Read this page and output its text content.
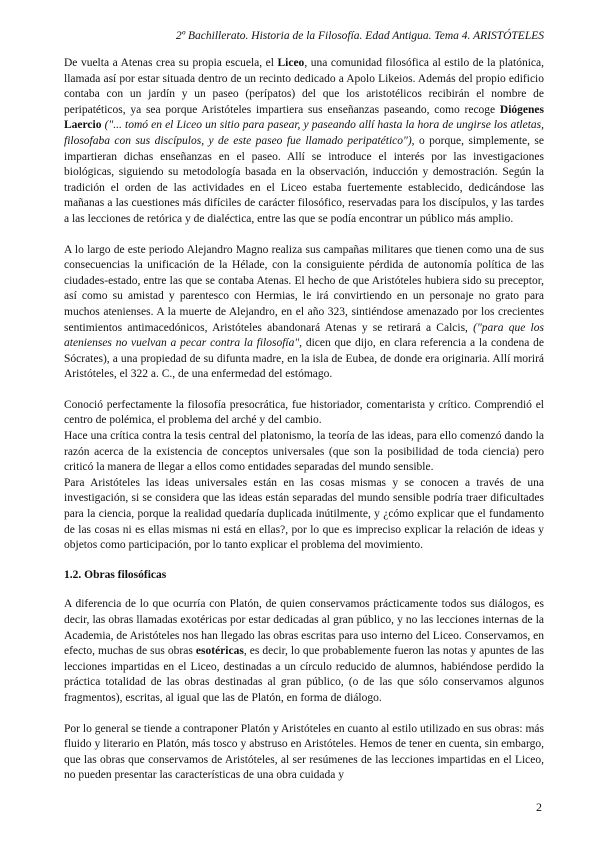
2º Bachillerato. Historia de la Filosofía. Edad Antigua. Tema 4. ARISTÓTELES

De vuelta a Atenas crea su propia escuela, el Liceo, una comunidad filosófica al estilo de la platónica, llamada así por estar situada dentro de un recinto dedicado a Apolo Likeios. Además del propio edificio contaba con un jardín y un paseo (perípatos) del que los aristotélicos recibirán el nombre de peripatéticos, ya sea porque Aristóteles impartiera sus enseñanzas paseando, como recoge Diógenes Laercio ("... tomó en el Liceo un sitio para pasear, y paseando allí hasta la hora de ungirse los atletas, filosofaba con sus discípulos, y de este paseo fue llamado peripatético"), o porque, simplemente, se impartieran dichas enseñanzas en el paseo. Allí se introduce el interés por las investigaciones biológicas, siguiendo su metodología basada en la observación, inducción y demostración. Según la tradición el orden de las actividades en el Liceo estaba fuertemente establecido, dedicándose las mañanas a las cuestiones más difíciles de carácter filosófico, reservadas para los discípulos, y las tardes a las lecciones de retórica y de dialéctica, entre las que se podía encontrar un público más amplio.

A lo largo de este periodo Alejandro Magno realiza sus campañas militares que tienen como una de sus consecuencias la unificación de la Hélade, con la consiguiente pérdida de autonomía política de las ciudades-estado, entre las que se contaba Atenas. El hecho de que Aristóteles hubiera sido su preceptor, así como su amistad y parentesco con Hermias, le irá convirtiendo en un personaje no grato para muchos atenienses. A la muerte de Alejandro, en el año 323, sintiéndose amenazado por los crecientes sentimientos antimacedónicos, Aristóteles abandonará Atenas y se retirará a Calcis, ("para que los atenienses no vuelvan a pecar contra la filosofía", dicen que dijo, en clara referencia a la condena de Sócrates), a una propiedad de su difunta madre, en la isla de Eubea, de donde era originaria. Allí morirá Aristóteles, el 322 a. C., de una enfermedad del estómago.

Conoció perfectamente la filosofía presocrática, fue historiador, comentarista y crítico. Comprendió el centro de polémica, el problema del arché y del cambio.

Hace una crítica contra la tesis central del platonismo, la teoría de las ideas, para ello comenzó dando la razón acerca de la existencia de conceptos universales (que son la posibilidad de toda ciencia) pero criticó la manera de llegar a ellos como entidades separadas del mundo sensible.

Para Aristóteles las ideas universales están en las cosas mismas y se conocen a través de una investigación, si se considera que las ideas están separadas del mundo sensible podría traer dificultades para la ciencia, porque la realidad quedaría duplicada inútilmente, y ¿cómo explicar que el fundamento de las cosas ni es ellas mismas ni está en ellas?, por lo que es impreciso explicar la relación de ideas y objetos como participación, por lo tanto explicar el problema del movimiento.

1.2. Obras filosóficas

A diferencia de lo que ocurría con Platón, de quien conservamos prácticamente todos sus diálogos, es decir, las obras llamadas exotéricas por estar dedicadas al gran público, y no las lecciones internas de la Academia, de Aristóteles nos han llegado las obras escritas para uso interno del Liceo. Conservamos, en efecto, muchas de sus obras esotéricas, es decir, lo que probablemente fueron las notas y apuntes de las lecciones impartidas en el Liceo, destinadas a un círculo reducido de alumnos, habiéndose perdido la práctica totalidad de las obras destinadas al gran público, (o de las que sólo conservamos algunos fragmentos), escritas, al igual que las de Platón, en forma de diálogo.

Por lo general se tiende a contraponer Platón y Aristóteles en cuanto al estilo utilizado en sus obras: más fluido y literario en Platón, más tosco y abstruso en Aristóteles. Hemos de tener en cuenta, sin embargo, que las obras que conservamos de Aristóteles, al ser resúmenes de las lecciones impartidas en el Liceo, no pueden presentar las características de una obra cuidada y

2
